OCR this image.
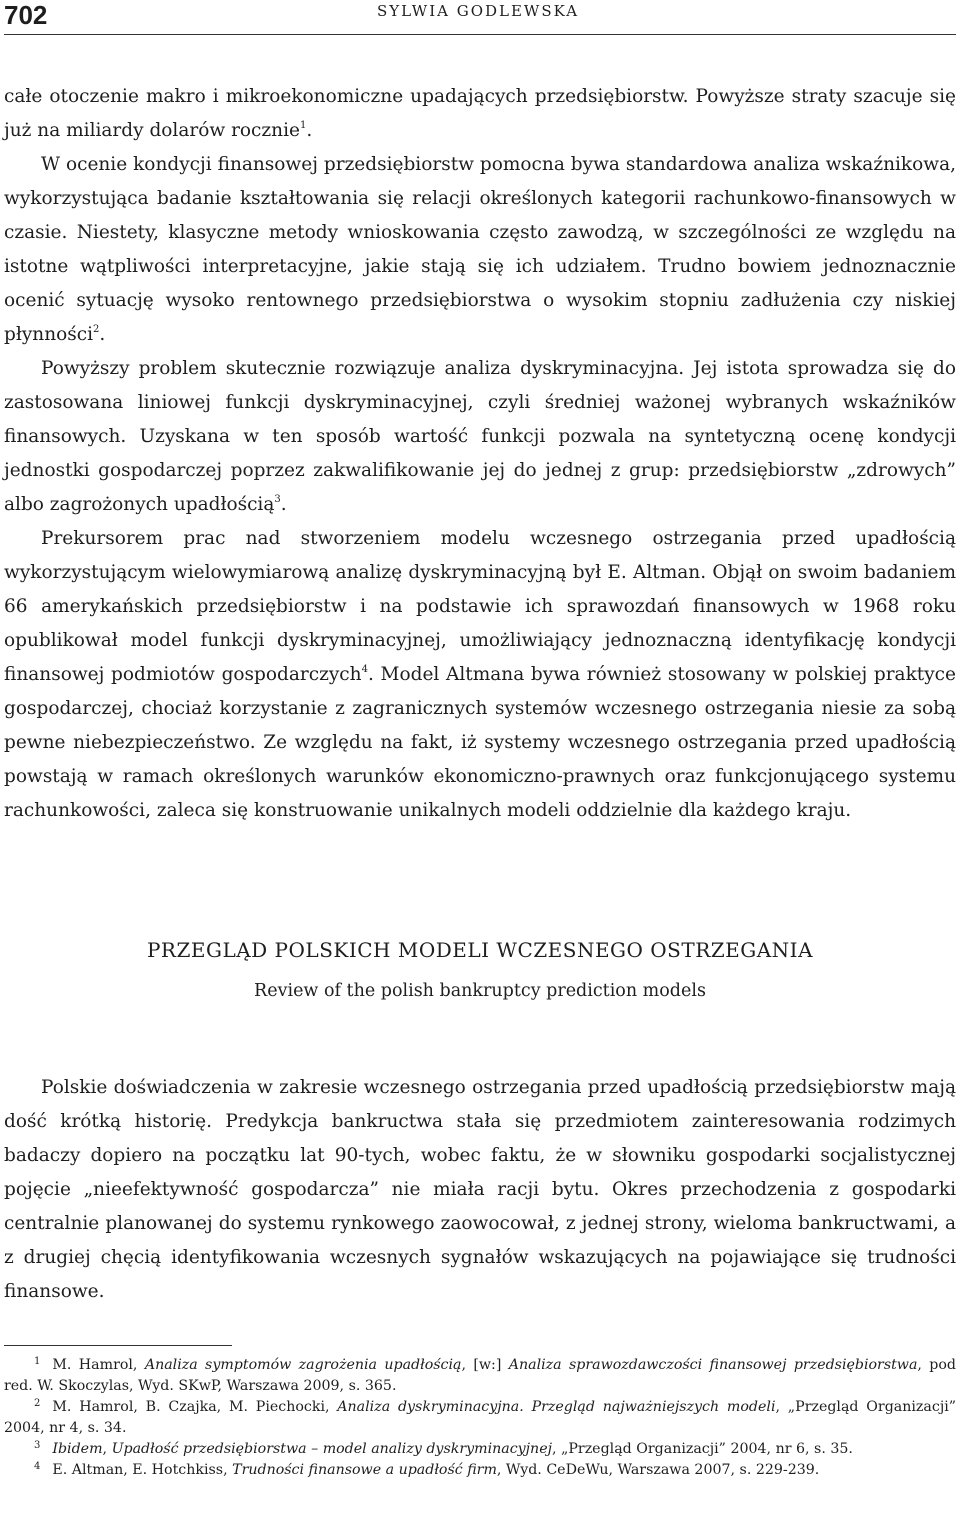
702	SYLWIA GODLEWSKA

całe otoczenie makro i mikroekonomiczne upadających przedsiębiorstw. Powyższe straty szacuje się już na miliardy dolarów rocznie$^1$.

W ocenie kondycji finansowej przedsiębiorstw pomocna bywa standardowa analiza wskaźnikowa, wykorzystująca badanie kształtowania się relacji określonych kategorii rachunkowo-finansowych w czasie. Niestety, klasyczne metody wnioskowania często zawodzą, w szczególności ze względu na istotne wątpliwości interpretacyjne, jakie stają się ich udziałem. Trudno bowiem jednoznacznie ocenić sytuację wysoko rentownego przedsiębiorstwa o wysokim stopniu zadłużenia czy niskiej płynności$^2$.

Powyższy problem skutecznie rozwiązuje analiza dyskryminacyjna. Jej istota sprowadza się do zastosowana liniowej funkcji dyskryminacyjnej, czyli średniej ważonej wybranych wskaźników finansowych. Uzyskana w ten sposób wartość funkcji pozwala na syntetyczną ocenę kondycji jednostki gospodarczej poprzez zakwalifikowanie jej do jednej z grup: przedsiębiorstw „zdrowych” albo zagrożonych upadłością$^3$.

Prekursorem prac nad stworzeniem modelu wczesnego ostrzegania przed upadłością wykorzystującym wielowymiarową analizę dyskryminacyjną był E. Altman. Objął on swoim badaniem 66 amerykańskich przedsiębiorstw i na podstawie ich sprawozdań finansowych w 1968 roku opublikował model funkcji dyskryminacyjnej, umożliwiający jednoznaczną identyfikację kondycji finansowej podmiotów gospodarczych$^4$. Model Altmana bywa również stosowany w polskiej praktyce gospodarczej, chociaż korzystanie z zagranicznych systemów wczesnego ostrzegania niesie za sobą pewne niebezpieczeństwo. Ze względu na fakt, iż systemy wczesnego ostrzegania przed upadłością powstają w ramach określonych warunków ekonomiczno-prawnych oraz funkcjonującego systemu rachunkowości, zaleca się konstruowanie unikalnych modeli oddzielnie dla każdego kraju.

PRZEGLĄD POLSKICH MODELI WCZESNEGO OSTRZEGANIA
Review of the polish bankruptcy prediction models

Polskie doświadczenia w zakresie wczesnego ostrzegania przed upadłością przedsiębiorstw mają dość krótką historię. Predykcja bankructwa stała się przedmiotem zainteresowania rodzimych badaczy dopiero na początku lat 90-tych, wobec faktu, że w słowniku gospodarki socjalistycznej pojęcie „nieefektywność gospodarcza” nie miała racji bytu. Okres przechodzenia z gospodarki centralnie planowanej do systemu rynkowego zaowocował, z jednej strony, wieloma bankructwami, a z drugiej chęcią identyfikowania wczesnych sygnałów wskazujących na pojawiające się trudności finansowe.

$^1$ M. Hamrol, Analiza symptomów zagrożenia upadłością, [w:] Analiza sprawozdawczości finansowej przedsiębiorstwa, pod red. W. Skoczylas, Wyd. SKwP, Warszawa 2009, s. 365.

$^2$ M. Hamrol, B. Czajka, M. Piechocki, Analiza dyskryminacyjna. Przegląd najważniejszych modeli, „Przegląd Organizacji” 2004, nr 4, s. 34.

$^3$ Ibidem, Upadłość przedsiębiorstwa – model analizy dyskryminacyjnej, „Przegląd Organizacji” 2004, nr 6, s. 35.

$^4$ E. Altman, E. Hotchkiss, Trudności finansowe a upadłość firm, Wyd. CeDeWu, Warszawa 2007, s. 229-239.
